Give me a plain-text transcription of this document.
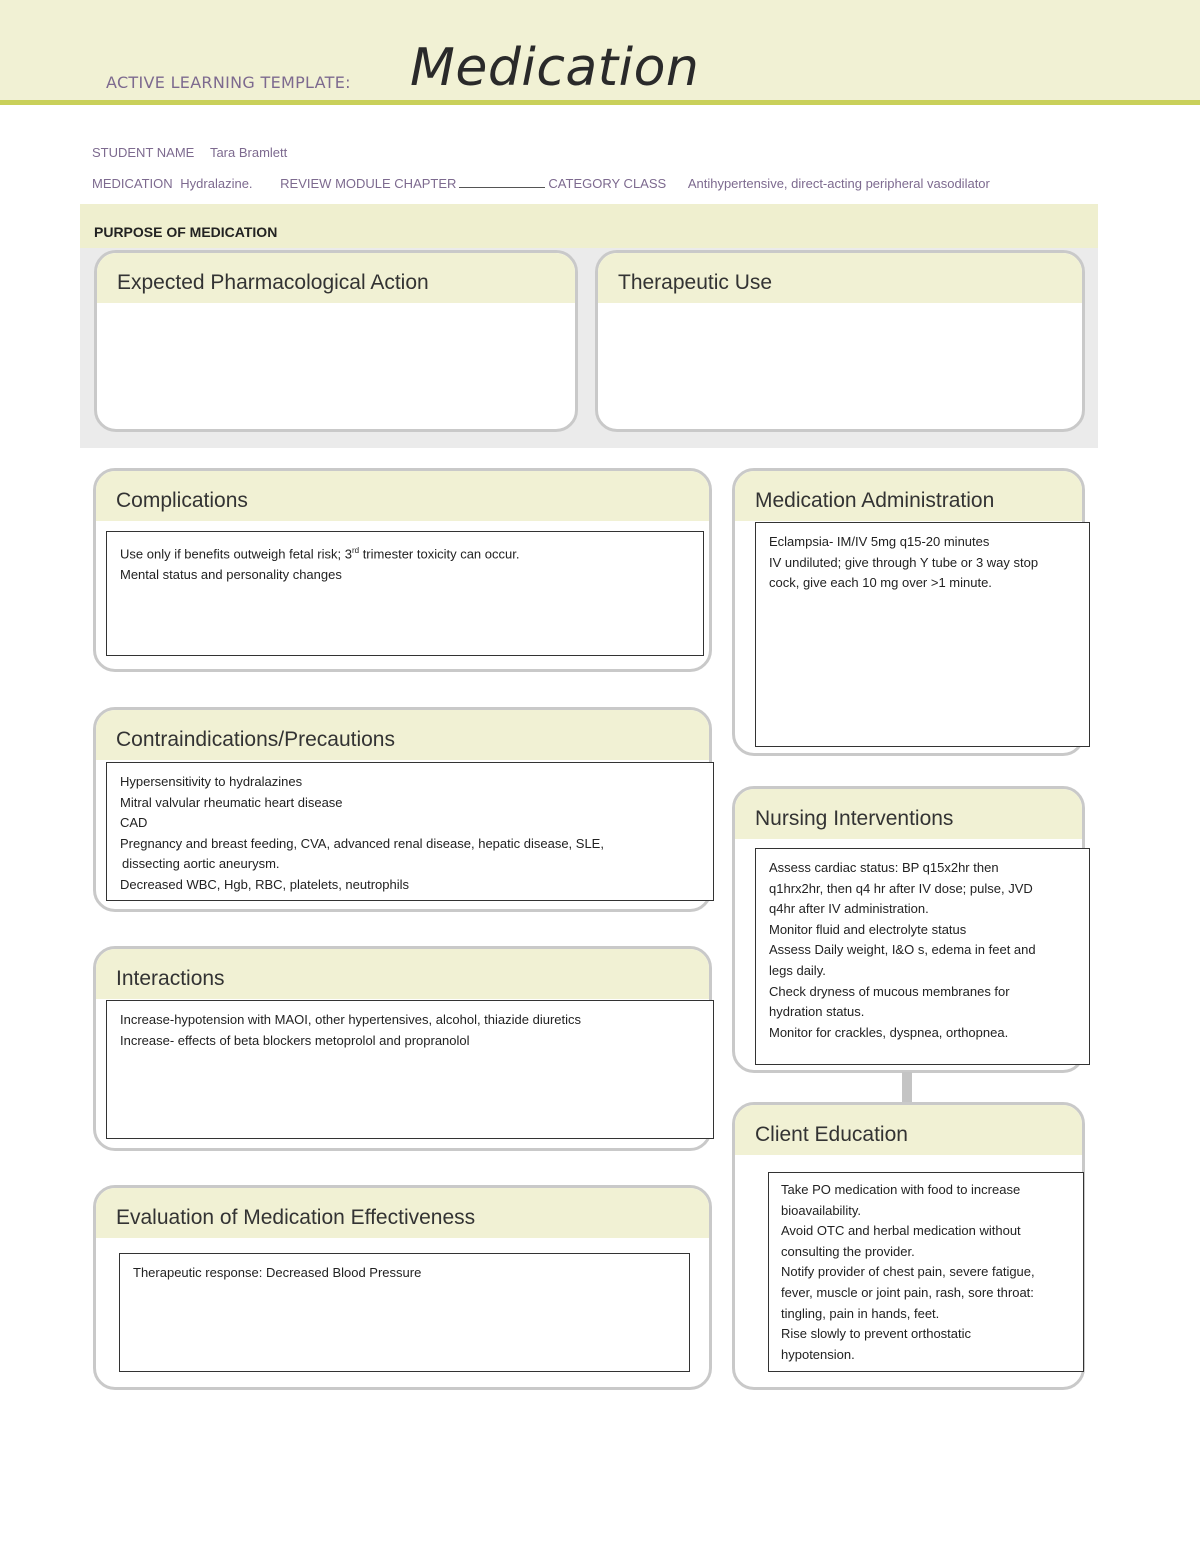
ACTIVE LEARNING TEMPLATE: Medication
STUDENT NAME Tara Bramlett
MEDICATION Hydralazine. REVIEW MODULE CHAPTER	CATEGORY CLASS Antihypertensive, direct-acting peripheral vasodilator
PURPOSE OF MEDICATION
Expected Pharmacological Action	Therapeutic Use
Complications
Use only if benefits outweigh fetal risk; 3rd trimester toxicity can occur.
Mental status and personality changes
Contraindications/Precautions
Hypersensitivity to hydralazines
Mitral valvular rheumatic heart disease
CAD
Pregnancy and breast feeding, CVA, advanced renal disease, hepatic disease, SLE,
dissecting aortic aneurysm.
Decreased WBC, Hgb, RBC, platelets, neutrophils
Interactions
Increase-hypotension with MAOI, other hypertensives, alcohol, thiazide diuretics
Increase- effects of beta blockers metoprolol and propranolol
Evaluation of Medication Effectiveness
Therapeutic response: Decreased Blood Pressure
Medication Administration
Eclampsia- IM/IV 5mg q15-20 minutes
IV undiluted; give through Y tube or 3 way stop
cock, give each 10 mg over >1 minute.
Nursing Interventions
Assess cardiac status: BP q15x2hr then
q1hrx2hr, then q4 hr after IV dose; pulse, JVD
q4hr after IV administration.
Monitor fluid and electrolyte status
Assess Daily weight, I&O s, edema in feet and
legs daily.
Check dryness of mucous membranes for
hydration status.
Monitor for crackles, dyspnea, orthopnea.
Client Education
Take PO medication with food to increase
bioavailability.
Avoid OTC and herbal medication without
consulting the provider.
Notify provider of chest pain, severe fatigue,
fever, muscle or joint pain, rash, sore throat:
tingling, pain in hands, feet.
Rise slowly to prevent orthostatic
hypotension.
